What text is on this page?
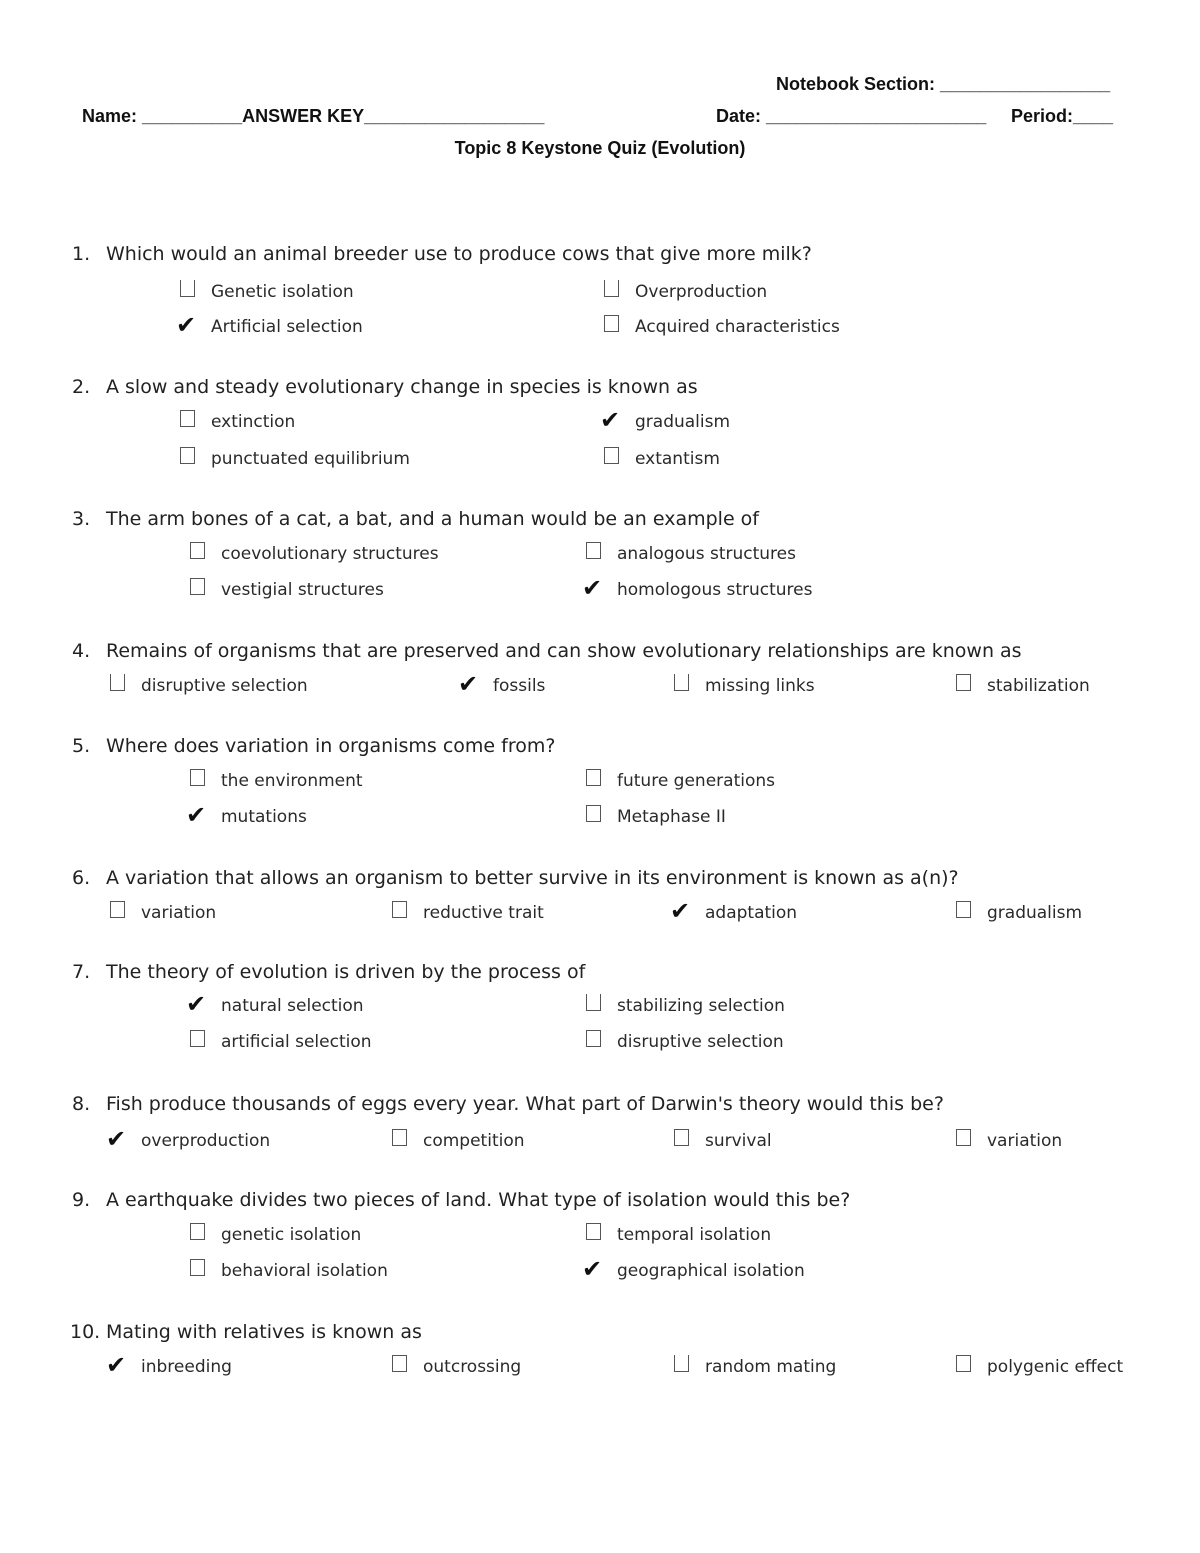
Notebook Section: _________________
Name: __________ANSWER KEY__________________	Date: ______________________ Period:____
Topic 8 Keystone Quiz (Evolution)
1. Which would an animal breeder use to produce cows that give more milk?
Genetic isolation
✔ Artificial selection
Overproduction
Acquired characteristics
2. A slow and steady evolutionary change in species is known as
extinction
punctuated equilibrium
✔ gradualism
extantism
3. The arm bones of a cat, a bat, and a human would be an example of
coevolutionary structures
vestigial structures
analogous structures
✔ homologous structures
4. Remains of organisms that are preserved and can show evolutionary relationships are known as
disruptive selection	✔ fossils	missing links	stabilization
5. Where does variation in organisms come from?
the environment
✔ mutations
future generations
Metaphase II
6. A variation that allows an organism to better survive in its environment is known as a(n)?
variation	reductive trait	✔ adaptation	gradualism
7. The theory of evolution is driven by the process of
✔ natural selection
artificial selection
stabilizing selection
disruptive selection
8. Fish produce thousands of eggs every year. What part of Darwin's theory would this be?
✔ overproduction	competition	survival	variation
9. A earthquake divides two pieces of land. What type of isolation would this be?
genetic isolation
behavioral isolation
temporal isolation
✔ geographical isolation
10. Mating with relatives is known as
✔ inbreeding	outcrossing	random mating	polygenic effect
